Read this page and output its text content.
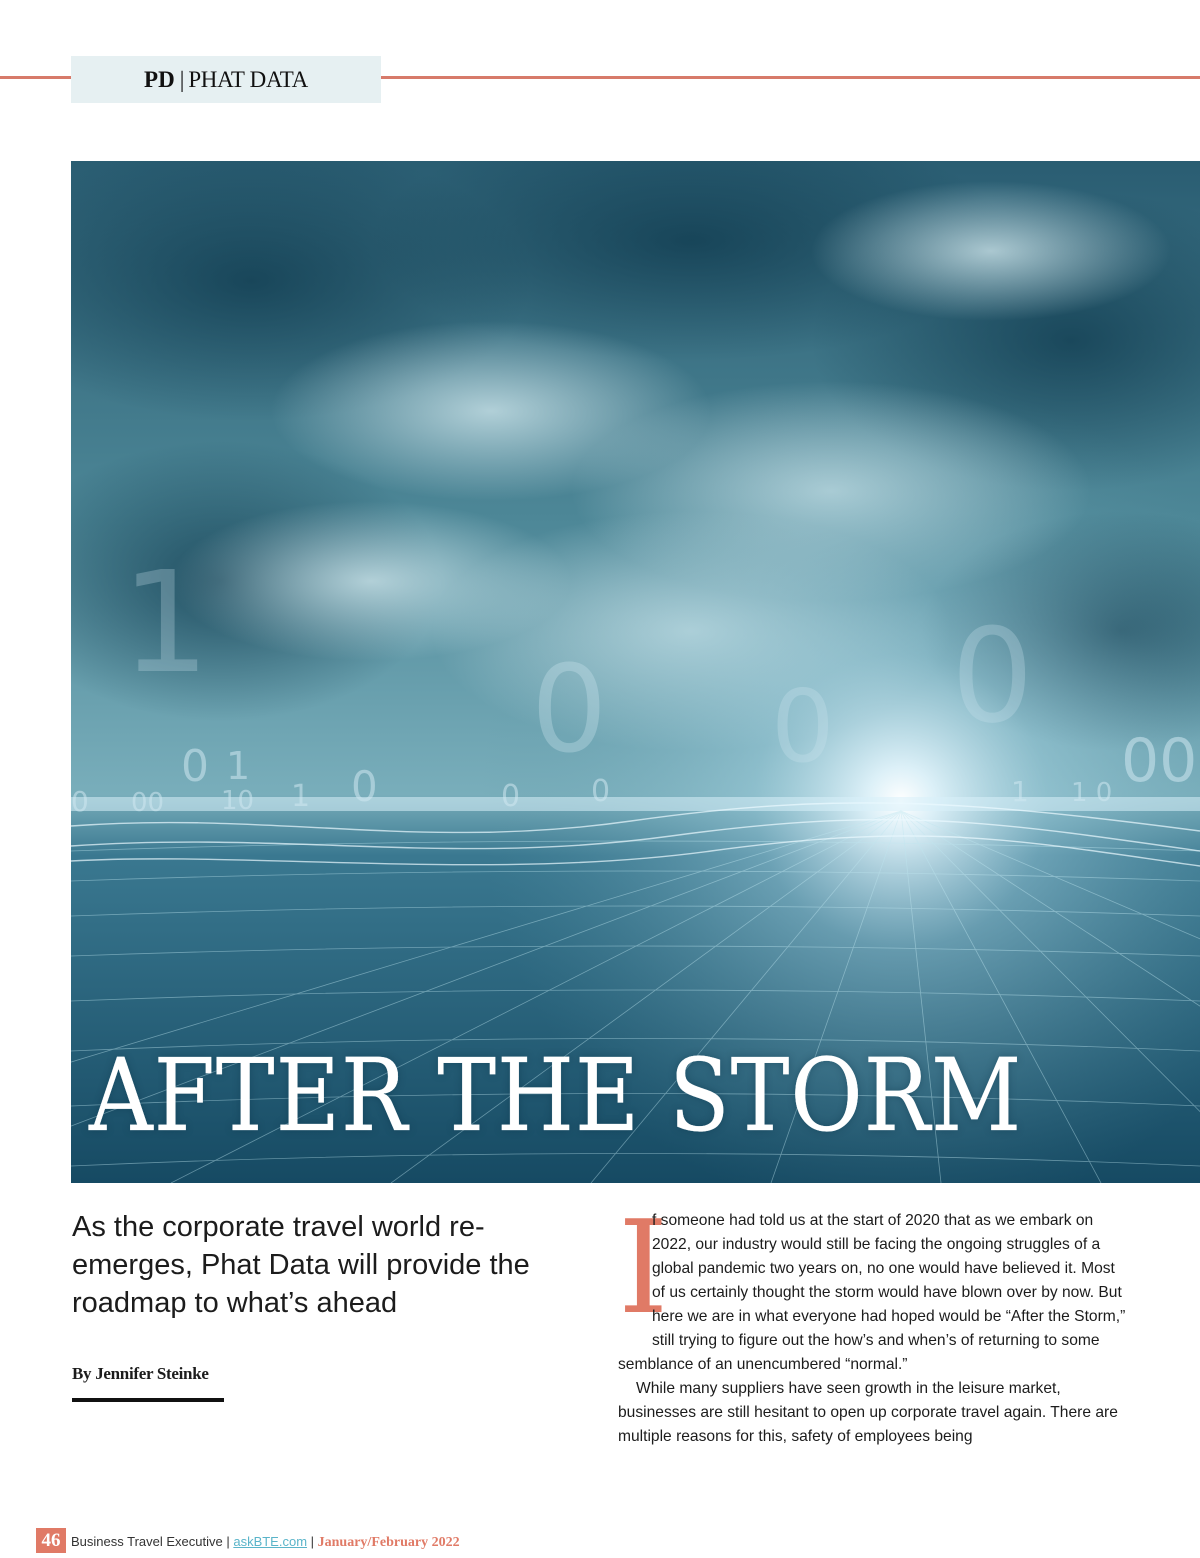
PD | PHAT DATA
1
0 1 0
0 0 0
00
0 00 10 1	0 0	1 1 0
AFTER THE STORM
As the corporate travel world re-emerges, Phat Data will provide the roadmap to what’s ahead
By Jennifer Steinke
I

f someone had told us at the start of 2020 that as we embark on 2022, our industry would still be facing the ongoing struggles of a global pandemic two years on, no one would have believed it. Most of us certainly thought the storm would have blown over by now. But here we are in what everyone had hoped would be “After the Storm,” still trying to figure out the how’s and when’s of returning to some semblance of an unencumbered “normal.”

While many suppliers have seen growth in the leisure market, businesses are still hesitant to open up corporate travel again. There are multiple reasons for this, safety of employees being

46 Business Travel Executive | askBTE.com | January/February 2022
